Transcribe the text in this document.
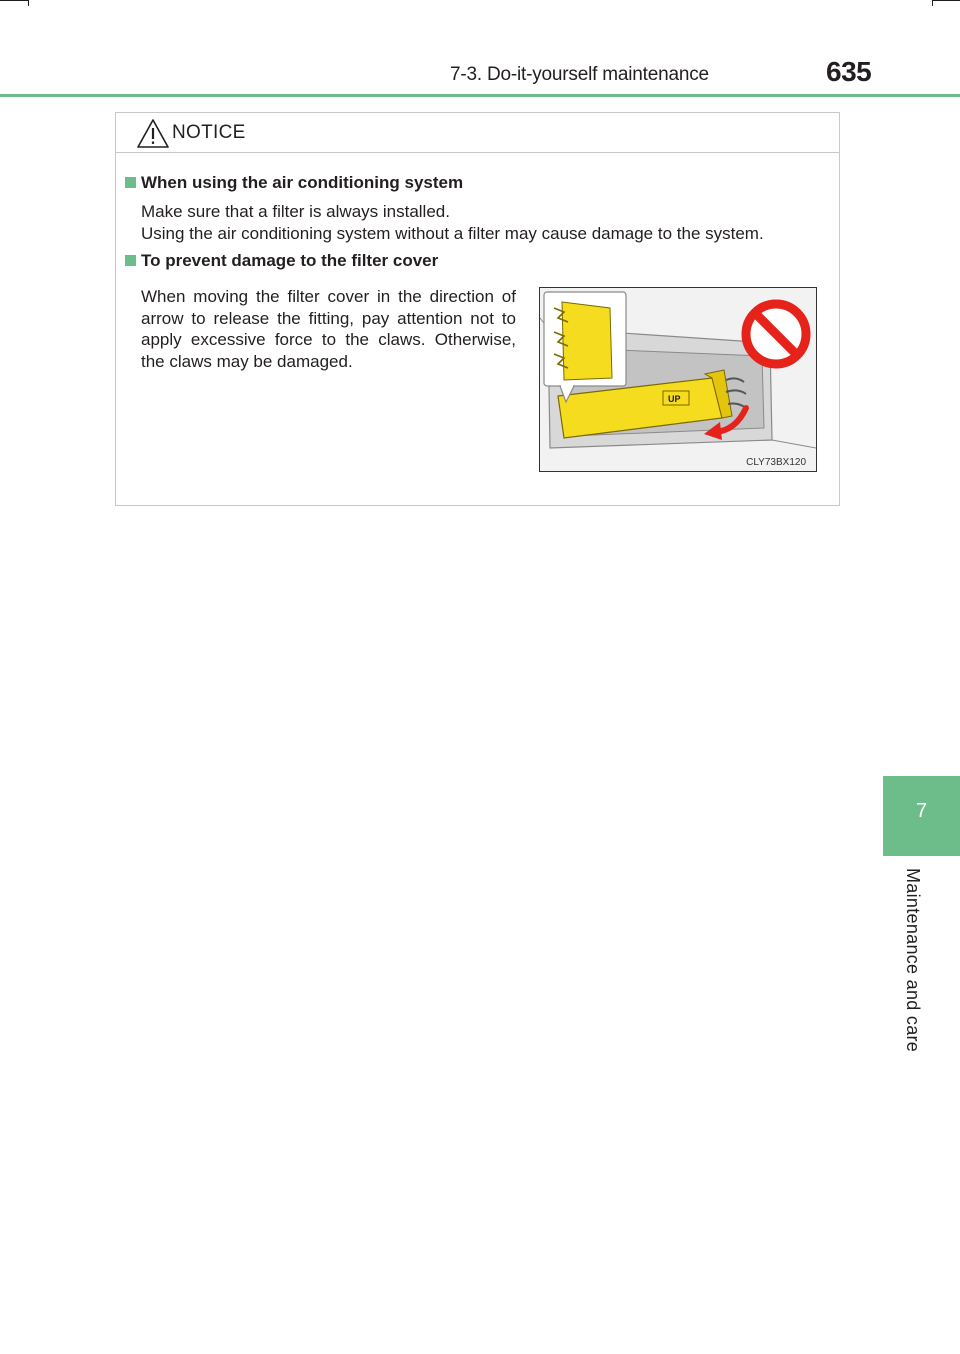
7-3. Do-it-yourself maintenance	635
NOTICE
When using the air conditioning system
Make sure that a filter is always installed.
Using the air conditioning system without a filter may cause damage to the system.
To prevent damage to the filter cover
When moving the filter cover in the direction of arrow to release the fitting, pay attention not to apply excessive force to the claws. Otherwise, the claws may be damaged.
UP
CLY73BX120
7
Maintenance and care
